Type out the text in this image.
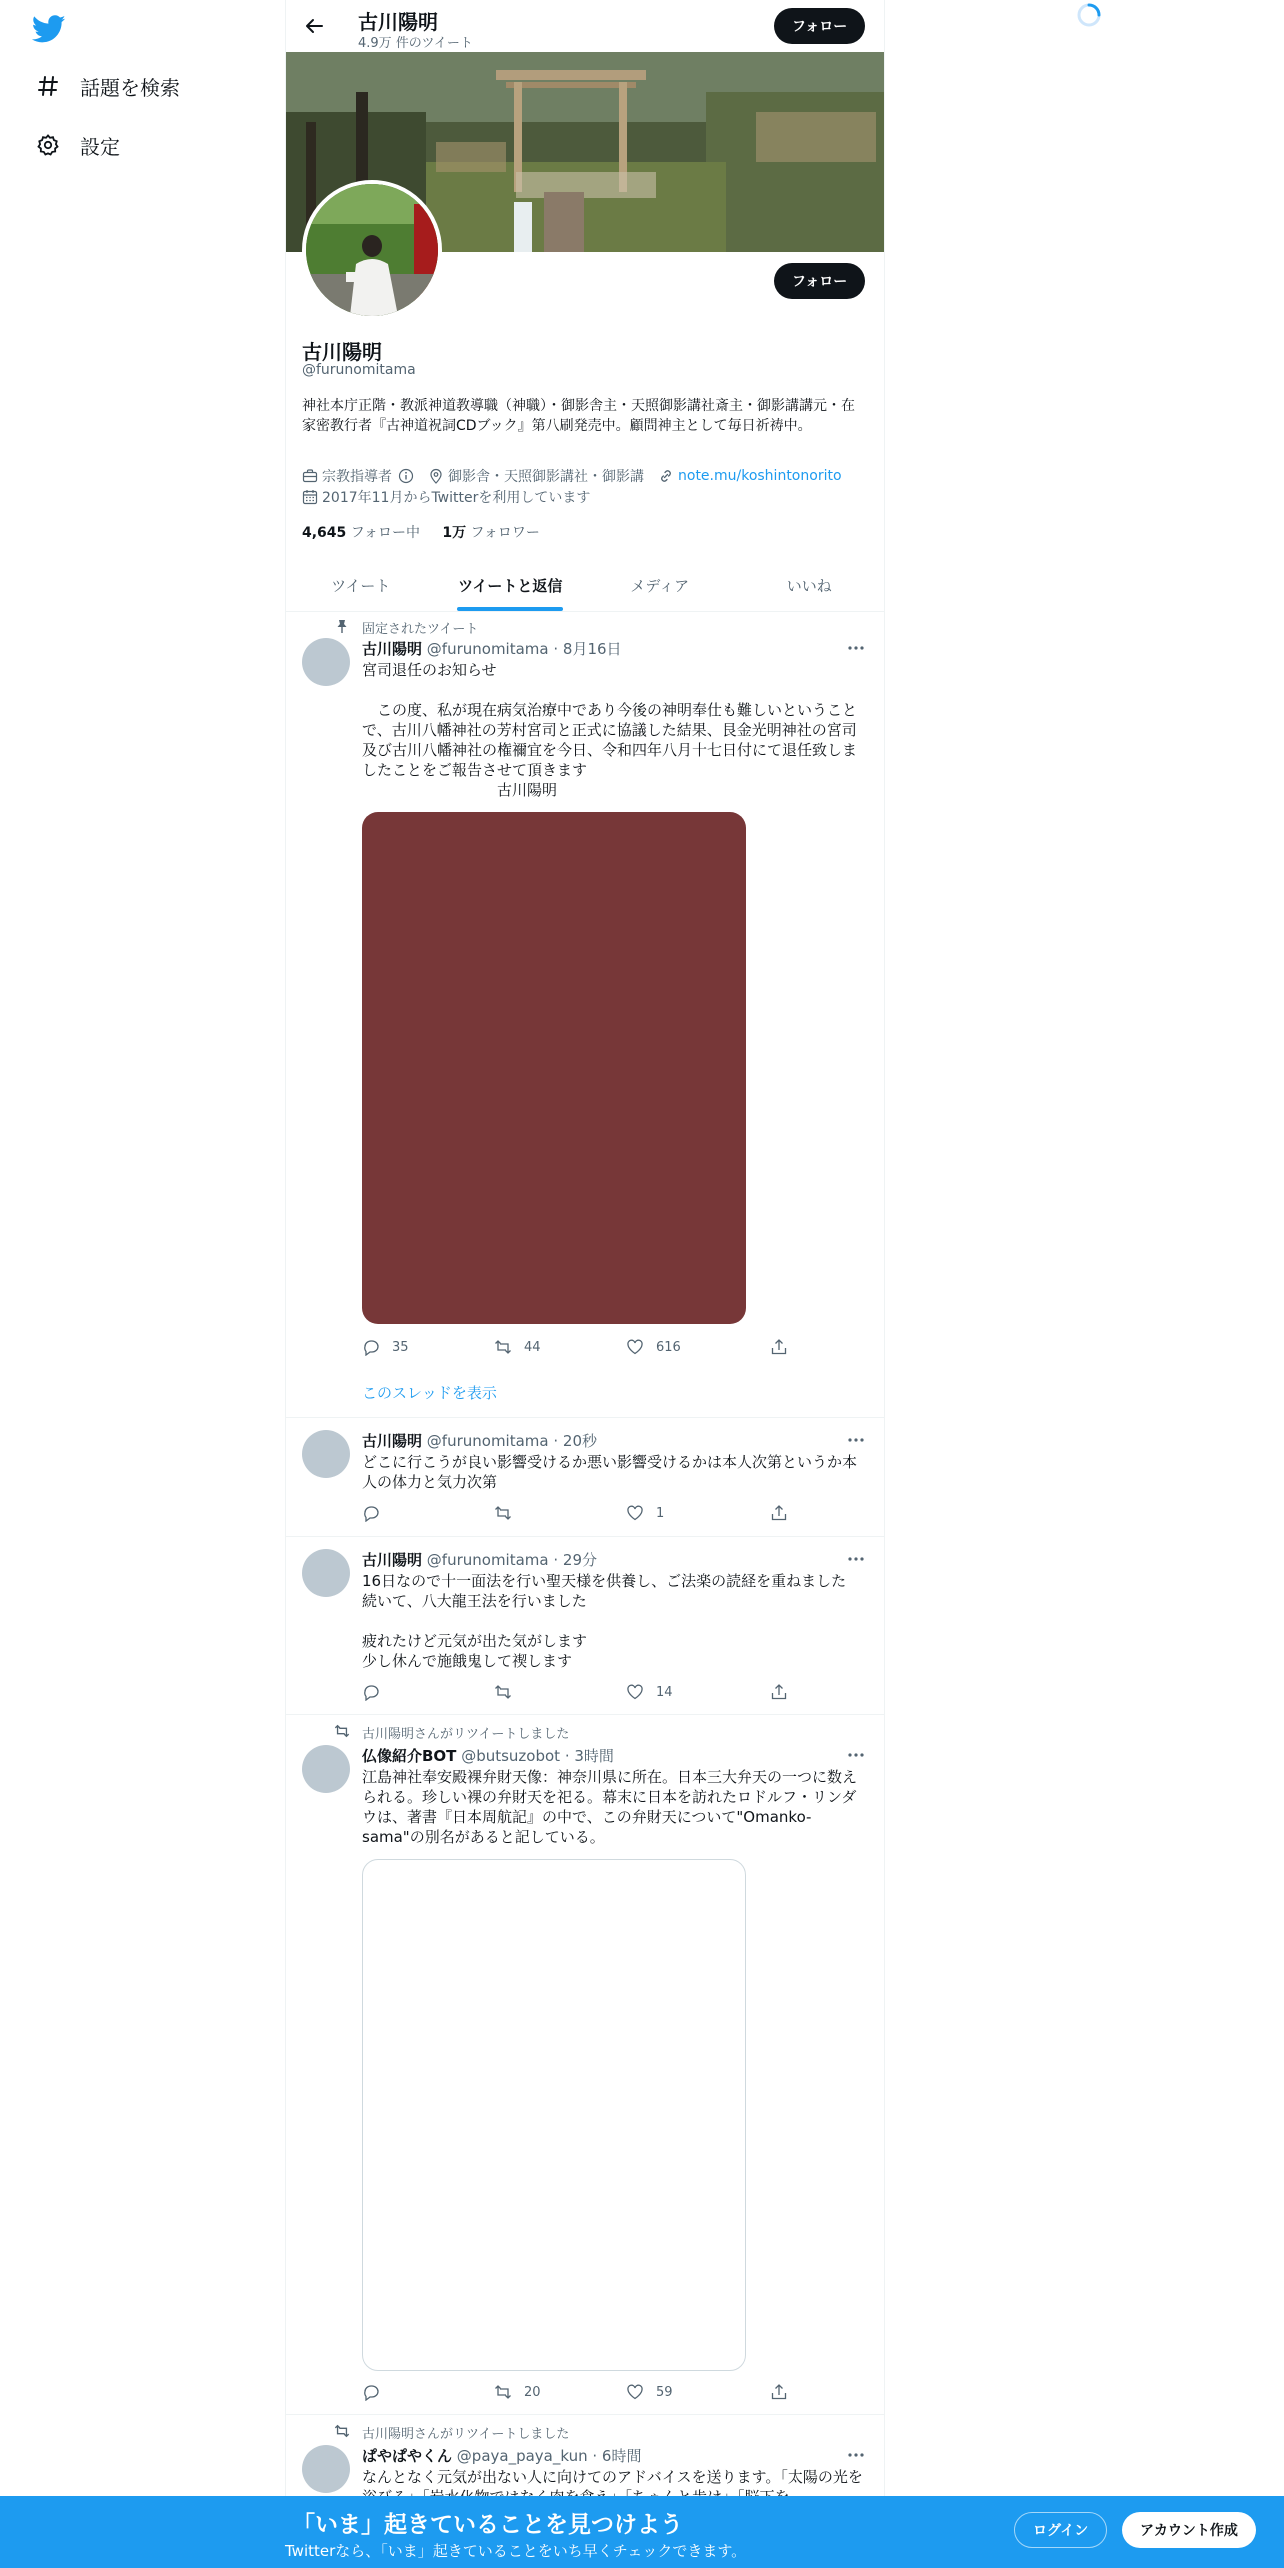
話題を検索
設定
古川陽明
4.9万 件のツイート
フォロー
フォロー
古川陽明
@furunomitama
神社本庁正階・教派神道教導職（神職）・御影舎主・天照御影講社斎主・御影講講元・在家密教行者『古神道祝詞CDブック』第八刷発売中。顧問神主として毎日祈祷中。
宗教指導者	御影舎・天照御影講社・御影講 note.mu/koshintonorito
2017年11月からTwitterを利用しています
4,645 フォロー中 1万 フォロワー
ツイート	ツイートと返信	メディア	いいね
固定されたツイート
古川陽明 @furunomitama · 8月16日
宮司退任のお知らせ

　この度、私が現在病気治療中であり今後の神明奉仕も難しいということで、古川八幡神社の芳村宮司と正式に協議した結果、艮金光明神社の宮司及び古川八幡神社の権禰宜を今日、令和四年八月十七日付にて退任致しましたことをご報告させて頂きます
　　　　　　　　　古川陽明
35	44	616
このスレッドを表示
古川陽明 @furunomitama · 20秒
どこに行こうが良い影響受けるか悪い影響受けるかは本人次第というか本人の体力と気力次第
1
古川陽明 @furunomitama · 29分
16日なので十一面法を行い聖天様を供養し、ご法楽の読経を重ねました
続いて、八大龍王法を行いました

疲れたけど元気が出た気がします
少し休んで施餓鬼して禊します
14
古川陽明さんがリツイートしました
仏像紹介BOT @butsuzobot · 3時間
江島神社奉安殿裸弁財天像：神奈川県に所在。日本三大弁天の一つに数えられる。珍しい裸の弁財天を祀る。幕末に日本を訪れたロドルフ・リンダウは、著書『日本周航記』の中で、この弁財天について"Omanko-sama"の別名があると記している。
20	59
古川陽明さんがリツイートしました
ぱやぱやくん @paya_paya_kun · 6時間
なんとなく元気が出ない人に向けてのアドバイスを送ります。「太陽の光を
「いま」起きていることを見つけよう
Twitterなら、「いま」起きていることをいち早くチェックできます。
ログイン	アカウント作成
